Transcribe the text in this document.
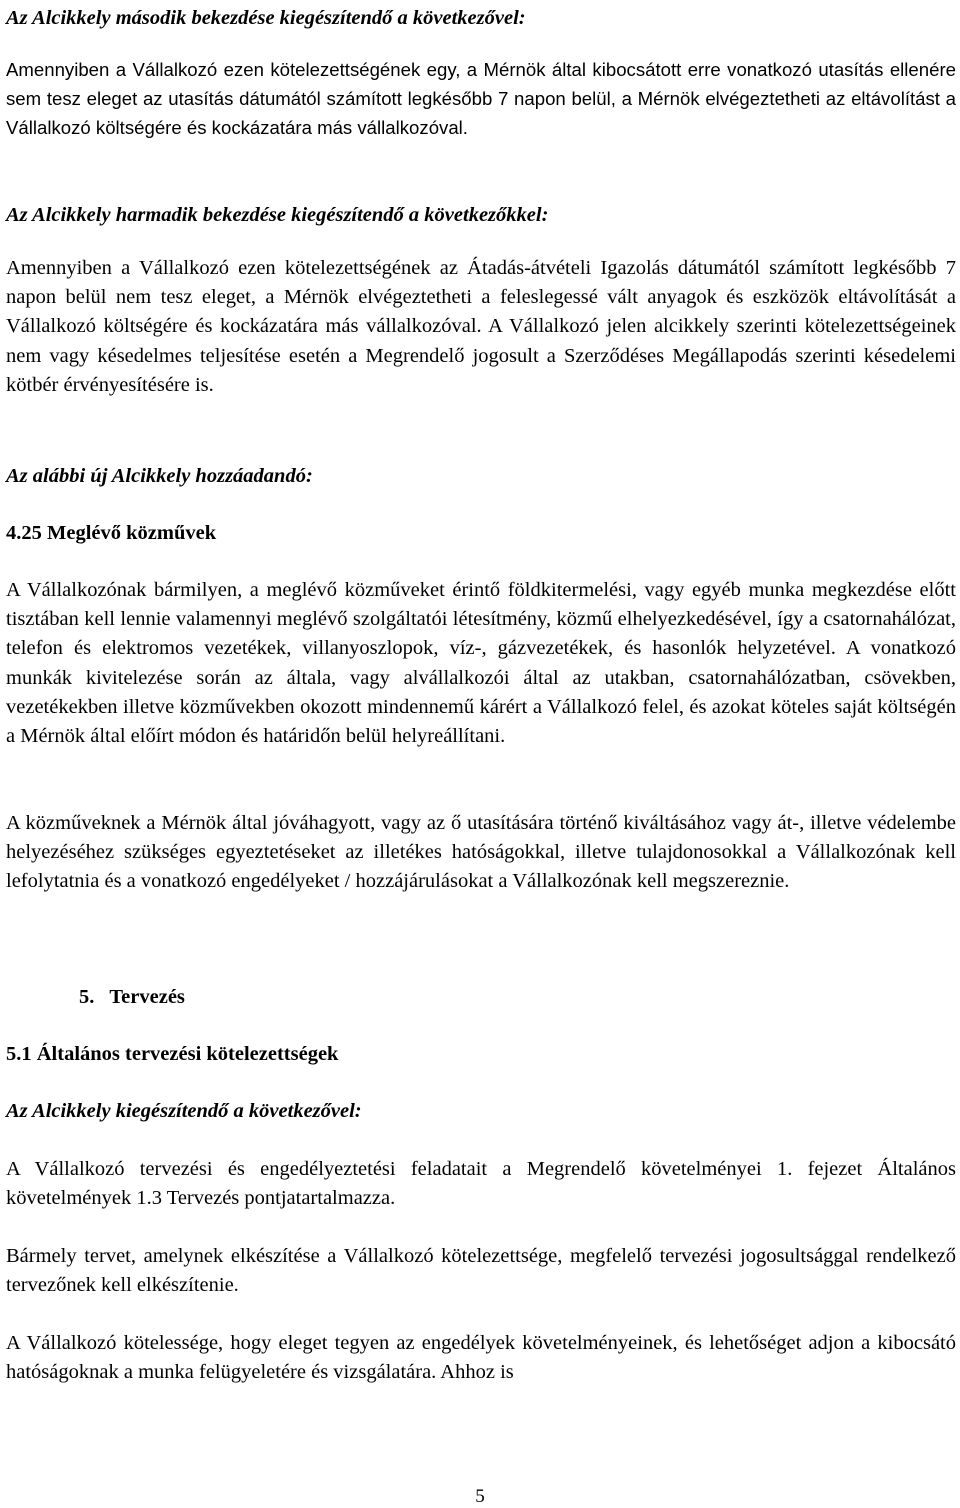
Az Alcikkely második bekezdése kiegészítendő a következővel:

Amennyiben a Vállalkozó ezen kötelezettségének egy, a Mérnök által kibocsátott erre vonatkozó utasítás ellenére sem tesz eleget az utasítás dátumától számított legkésőbb 7 napon belül, a Mérnök elvégeztetheti az eltávolítást a Vállalkozó költségére és kockázatára más vállalkozóval.

Az Alcikkely harmadik bekezdése kiegészítendő a következőkkel:

Amennyiben a Vállalkozó ezen kötelezettségének az Átadás-átvételi Igazolás dátumától számított legkésőbb 7 napon belül nem tesz eleget, a Mérnök elvégeztetheti a feleslegessé vált anyagok és eszközök eltávolítását a Vállalkozó költségére és kockázatára más vállalkozóval. A Vállalkozó jelen alcikkely szerinti kötelezettségeinek nem vagy késedelmes teljesítése esetén a Megrendelő jogosult a Szerződéses Megállapodás szerinti késedelemi kötbér érvényesítésére is.

Az alábbi új Alcikkely hozzáadandó:

4.25 Meglévő közművek

A Vállalkozónak bármilyen, a meglévő közműveket érintő földkitermelési, vagy egyéb munka megkezdése előtt tisztában kell lennie valamennyi meglévő szolgáltatói létesítmény, közmű elhelyezkedésével, így a csatornahálózat, telefon és elektromos vezetékek, villanyoszlopok, víz-, gázvezetékek, és hasonlók helyzetével. A vonatkozó munkák kivitelezése során az általa, vagy alvállalkozói által az utakban, csatornahálózatban, csövekben, vezetékekben illetve közművekben okozott mindennemű kárért a Vállalkozó felel, és azokat köteles saját költségén a Mérnök által előírt módon és határidőn belül helyreállítani.

A közműveknek a Mérnök által jóváhagyott, vagy az ő utasítására történő kiváltásához vagy át-, illetve védelembe helyezéséhez szükséges egyeztetéseket az illetékes hatóságokkal, illetve tulajdonosokkal a Vállalkozónak kell lefolytatnia és a vonatkozó engedélyeket / hozzájárulásokat a Vállalkozónak kell megszereznie.

5.   Tervezés

5.1 Általános tervezési kötelezettségek

Az Alcikkely kiegészítendő a következővel:

A Vállalkozó tervezési és engedélyeztetési feladatait a Megrendelő követelményei 1. fejezet Általános követelmények 1.3 Tervezés pontjatartalmazza.

Bármely tervet, amelynek elkészítése a Vállalkozó kötelezettsége, megfelelő tervezési jogosultsággal rendelkező tervezőnek kell elkészítenie.

A Vállalkozó kötelessége, hogy eleget tegyen az engedélyek követelményeinek, és lehetőséget adjon a kibocsátó hatóságoknak a munka felügyeletére és vizsgálatára. Ahhoz is

5
